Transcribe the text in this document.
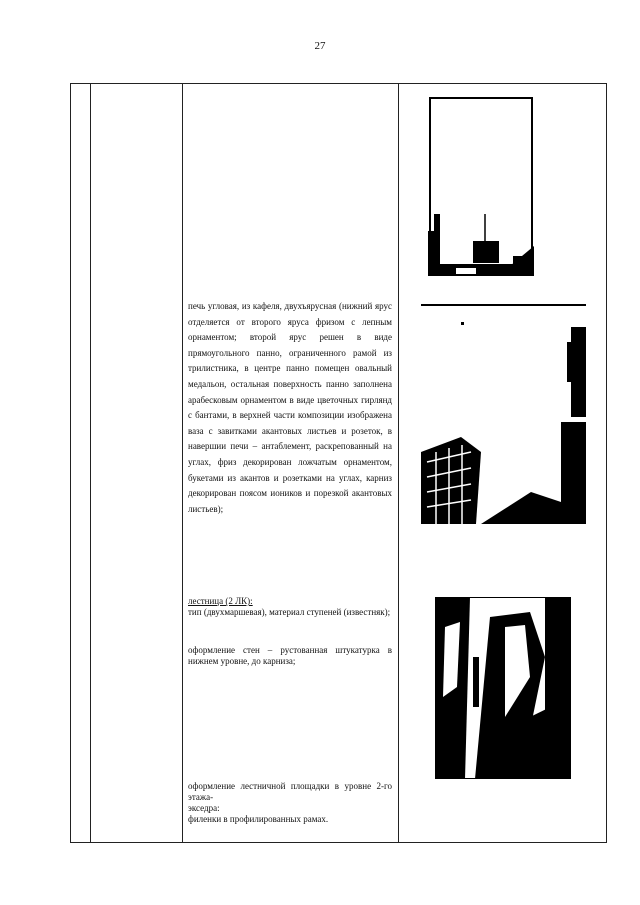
27
печь угловая, из кафеля, двухъярусная (нижний ярус отделяется от второго яруса фризом с лепным орнаментом; второй ярус решен в виде прямоугольного панно, ограниченного рамой из трилистника, в центре панно помещен овальный медальон, остальная поверхность панно заполнена арабесковым орнаментом в виде цветочных гирлянд с бантами, в верхней части композиции изображена ваза с завитками акантовых листьев и розеток, в навершии печи – антаблемент, раскрепованный на углах, фриз декорирован ложчатым орнаментом, букетами из акантов и розетками на углах, карниз декорирован поясом иоников и порезкой акантовых листьев);
лестница (2 ЛК):
тип (двухмаршевая), материал ступеней (известняк);
оформление стен – рустованная штукатурка в нижнем уровне, до карниза;
оформление лестничной площадки в уровне 2-го этажа-
экседра:
филенки в профилированных рамах.
